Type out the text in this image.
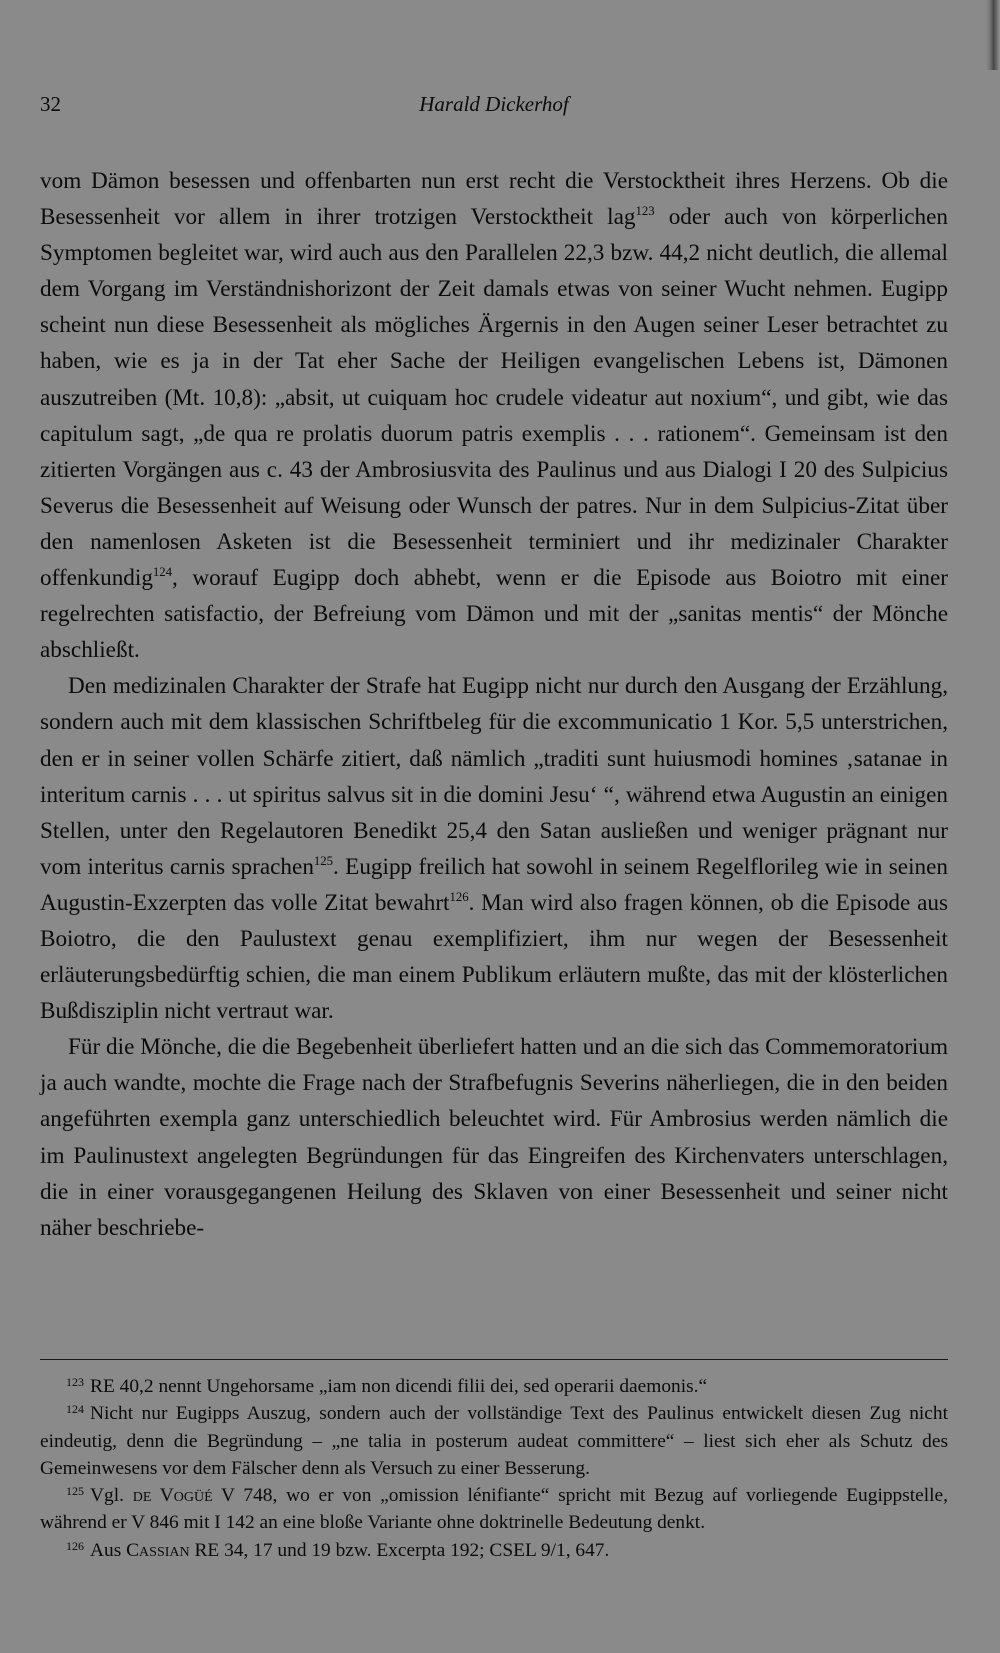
32	Harald Dickerhof

vom Dämon besessen und offenbarten nun erst recht die Verstocktheit ihres Herzens. Ob die Besessenheit vor allem in ihrer trotzigen Verstocktheit lag$^{123}$ oder auch von körperlichen Symptomen begleitet war, wird auch aus den Parallelen 22,3 bzw. 44,2 nicht deutlich, die allemal dem Vorgang im Verständnishorizont der Zeit damals etwas von seiner Wucht nehmen. Eugipp scheint nun diese Besessenheit als mögliches Ärgernis in den Augen seiner Leser betrachtet zu haben, wie es ja in der Tat eher Sache der Heiligen evangelischen Lebens ist, Dämonen auszutreiben (Mt. 10,8): „absit, ut cuiquam hoc crudele videatur aut noxium“, und gibt, wie das capitulum sagt, „de qua re prolatis duorum patris exemplis . . . rationem“. Gemeinsam ist den zitierten Vorgängen aus c. 43 der Ambrosiusvita des Paulinus und aus Dialogi I 20 des Sulpicius Severus die Besessenheit auf Weisung oder Wunsch der patres. Nur in dem Sulpicius-Zitat über den namenlosen Asketen ist die Besessenheit terminiert und ihr medizinaler Charakter offenkundig$^{124}$, worauf Eugipp doch abhebt, wenn er die Episode aus Boiotro mit einer regelrechten satisfactio, der Befreiung vom Dämon und mit der „sanitas mentis“ der Mönche abschließt.

Den medizinalen Charakter der Strafe hat Eugipp nicht nur durch den Ausgang der Erzählung, sondern auch mit dem klassischen Schriftbeleg für die excommunicatio 1 Kor. 5,5 unterstrichen, den er in seiner vollen Schärfe zitiert, daß nämlich „traditi sunt huiusmodi homines ‚satanae in interitum carnis . . . ut spiritus salvus sit in die domini Jesu‘ “, während etwa Augustin an einigen Stellen, unter den Regelautoren Benedikt 25,4 den Satan ausließen und weniger prägnant nur vom interitus carnis sprachen$^{125}$. Eugipp freilich hat sowohl in seinem Regelflorileg wie in seinen Augustin-Exzerpten das volle Zitat bewahrt$^{126}$. Man wird also fragen können, ob die Episode aus Boiotro, die den Paulustext genau exemplifiziert, ihm nur wegen der Besessenheit erläuterungsbedürftig schien, die man einem Publikum erläutern mußte, das mit der klösterlichen Bußdisziplin nicht vertraut war.

Für die Mönche, die die Begebenheit überliefert hatten und an die sich das Commemoratorium ja auch wandte, mochte die Frage nach der Strafbefugnis Severins näherliegen, die in den beiden angeführten exempla ganz unterschiedlich beleuchtet wird. Für Ambrosius werden nämlich die im Paulinustext angelegten Begründungen für das Eingreifen des Kirchenvaters unterschlagen, die in einer vorausgegangenen Heilung des Sklaven von einer Besessenheit und seiner nicht näher beschriebe-

$^{123}$ RE 40,2 nennt Ungehorsame „iam non dicendi filii dei, sed operarii daemonis.“

$^{124}$ Nicht nur Eugipps Auszug, sondern auch der vollständige Text des Paulinus entwickelt diesen Zug nicht eindeutig, denn die Begründung – „ne talia in posterum audeat committere“ – liest sich eher als Schutz des Gemeinwesens vor dem Fälscher denn als Versuch zu einer Besserung.

$^{125}$ Vgl. de Vogüé V 748, wo er von „omission lénifiante“ spricht mit Bezug auf vorliegende Eugippstelle, während er V 846 mit I 142 an eine bloße Variante ohne doktrinelle Bedeutung denkt.

$^{126}$ Aus Cassian RE 34, 17 und 19 bzw. Excerpta 192; CSEL 9/1, 647.
